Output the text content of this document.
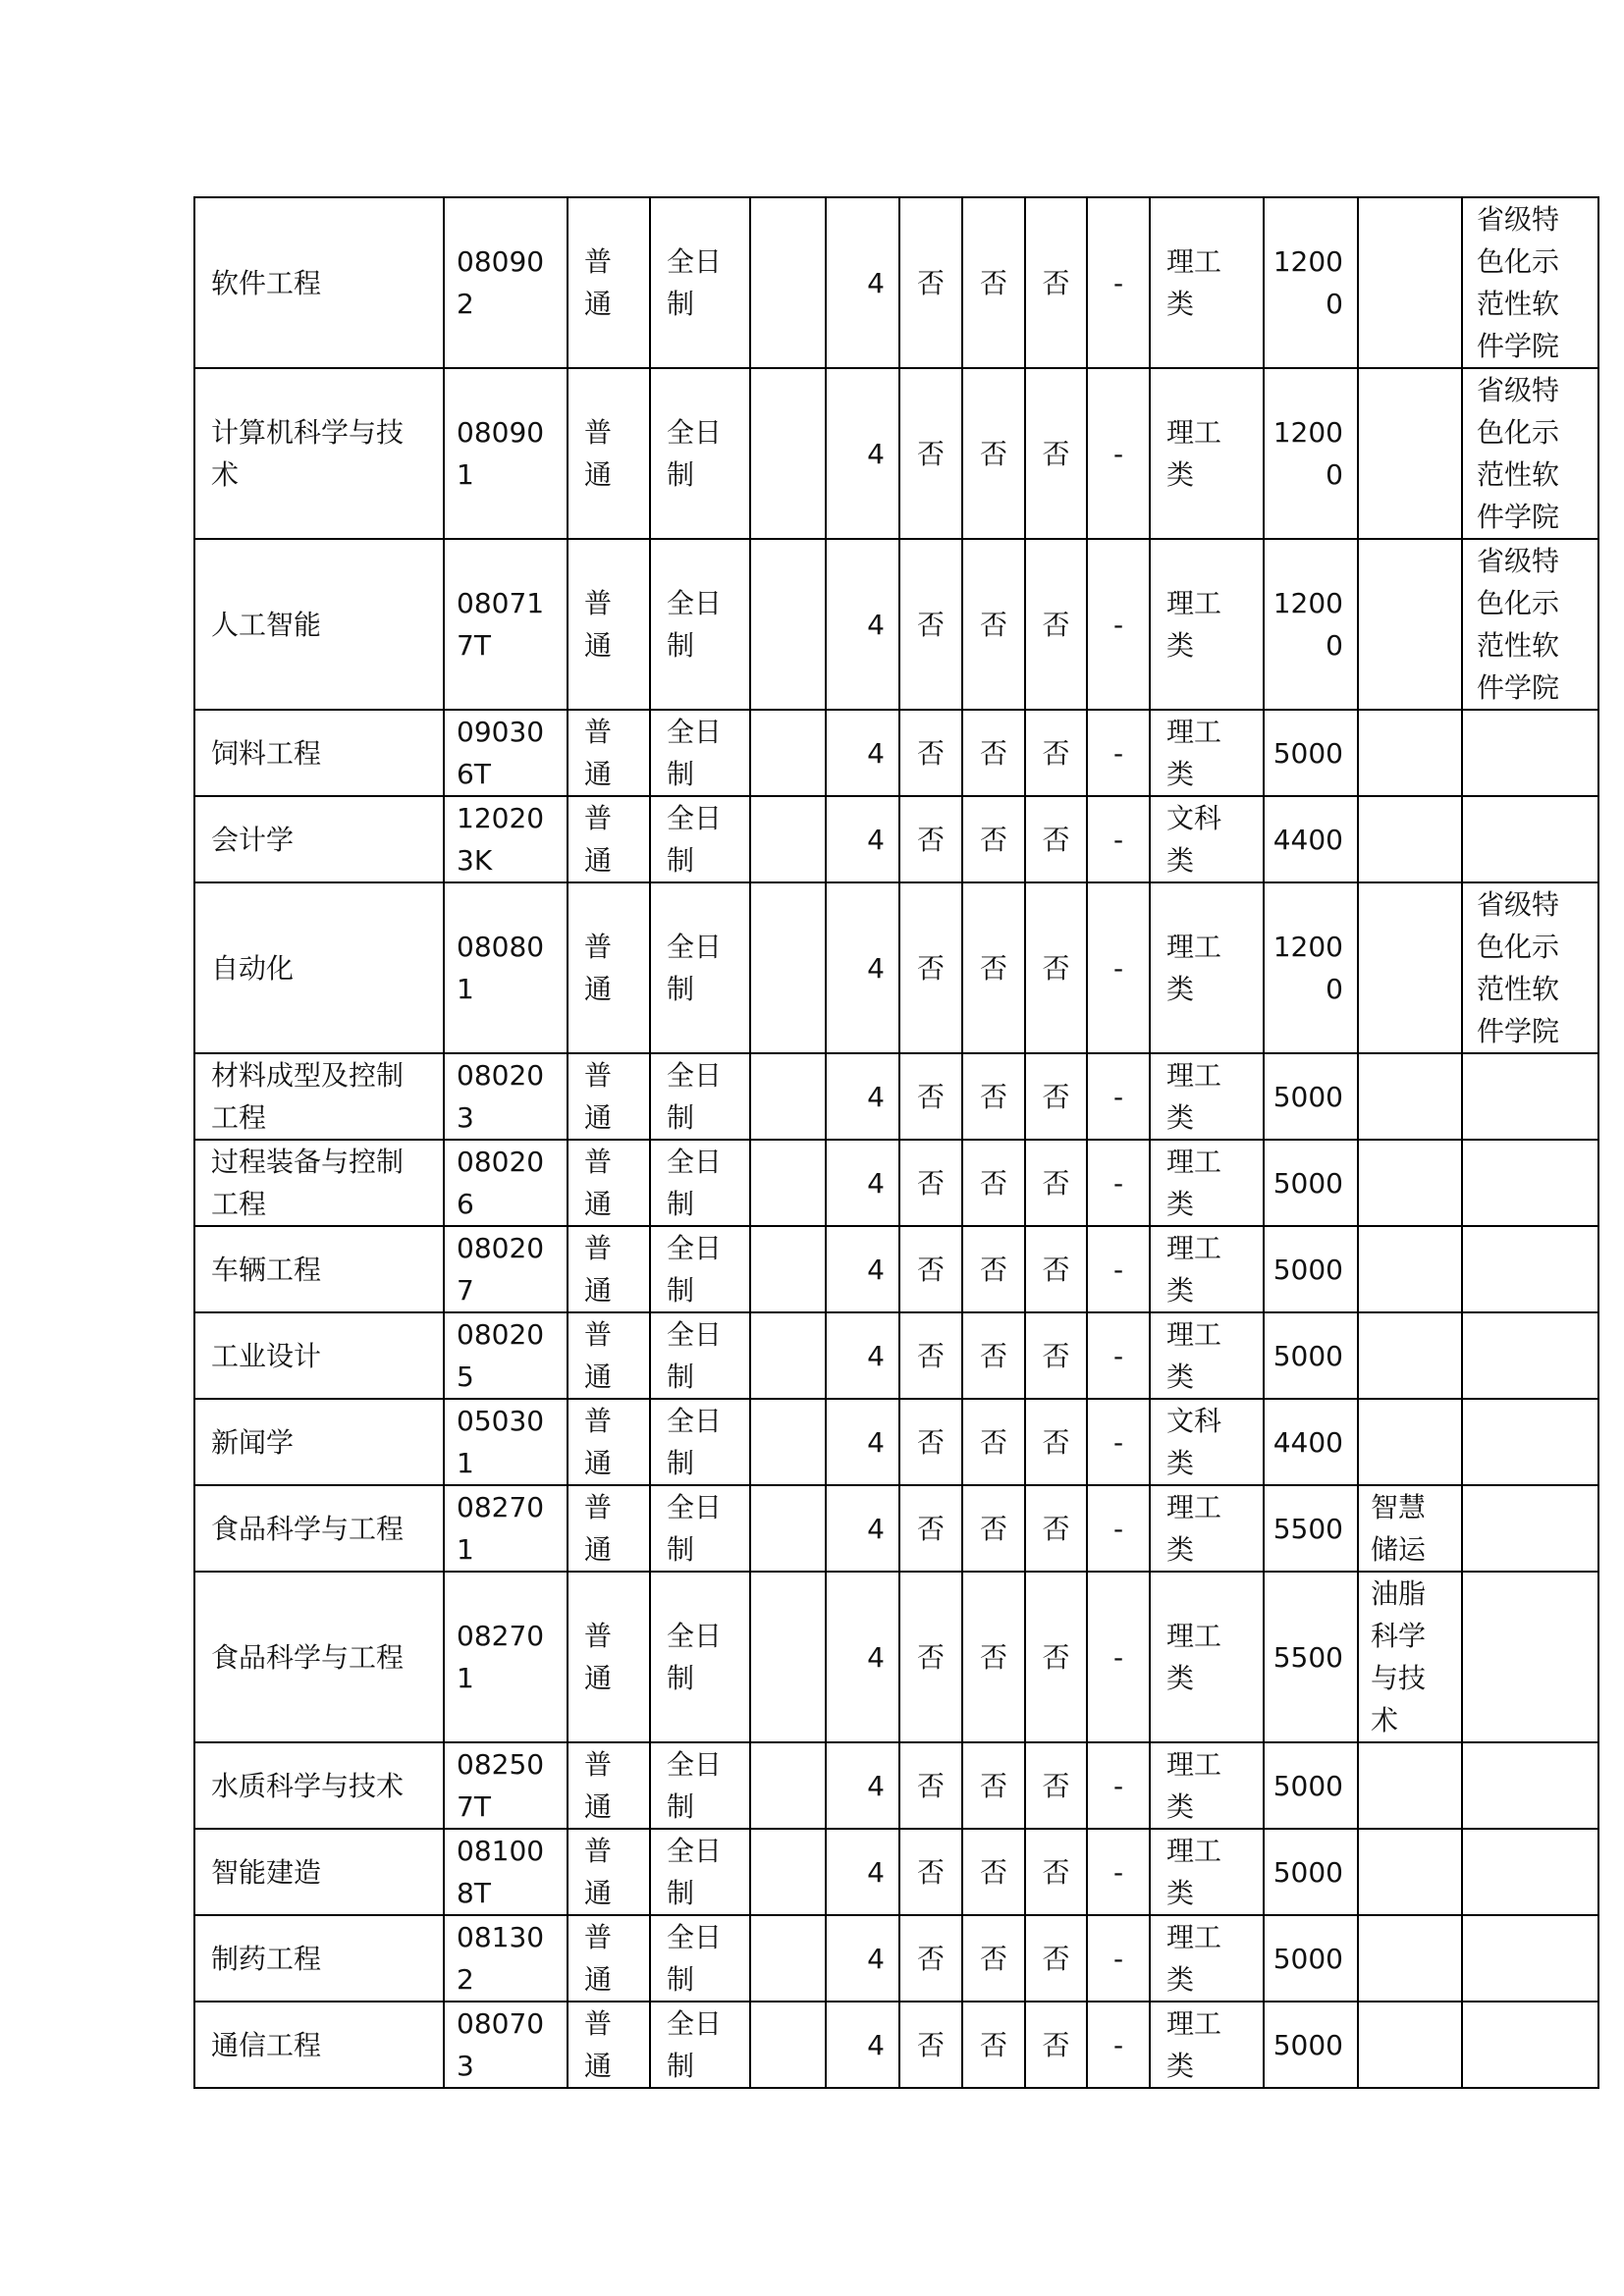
软件工程	080902	普通	全日制		4	否	否	否	-	理工类	12000		省级特色化示范性软件学院
计算机科学与技术	080901	普通	全日制		4	否	否	否	-	理工类	12000		省级特色化示范性软件学院
人工智能	080717T	普通	全日制		4	否	否	否	-	理工类	12000		省级特色化示范性软件学院
饲料工程	090306T	普通	全日制		4	否	否	否	-	理工类	5000		
会计学	120203K	普通	全日制		4	否	否	否	-	文科类	4400		
自动化	080801	普通	全日制		4	否	否	否	-	理工类	12000		省级特色化示范性软件学院
材料成型及控制工程	080203	普通	全日制		4	否	否	否	-	理工类	5000		
过程装备与控制工程	080206	普通	全日制		4	否	否	否	-	理工类	5000		
车辆工程	080207	普通	全日制		4	否	否	否	-	理工类	5000		
工业设计	080205	普通	全日制		4	否	否	否	-	理工类	5000		
新闻学	050301	普通	全日制		4	否	否	否	-	文科类	4400		
食品科学与工程	082701	普通	全日制		4	否	否	否	-	理工类	5500	智慧储运	
食品科学与工程	082701	普通	全日制		4	否	否	否	-	理工类	5500	油脂科学与技术	
水质科学与技术	082507T	普通	全日制		4	否	否	否	-	理工类	5000		
智能建造	081008T	普通	全日制		4	否	否	否	-	理工类	5000		
制药工程	081302	普通	全日制		4	否	否	否	-	理工类	5000		
通信工程	080703	普通	全日制		4	否	否	否	-	理工类	5000		
